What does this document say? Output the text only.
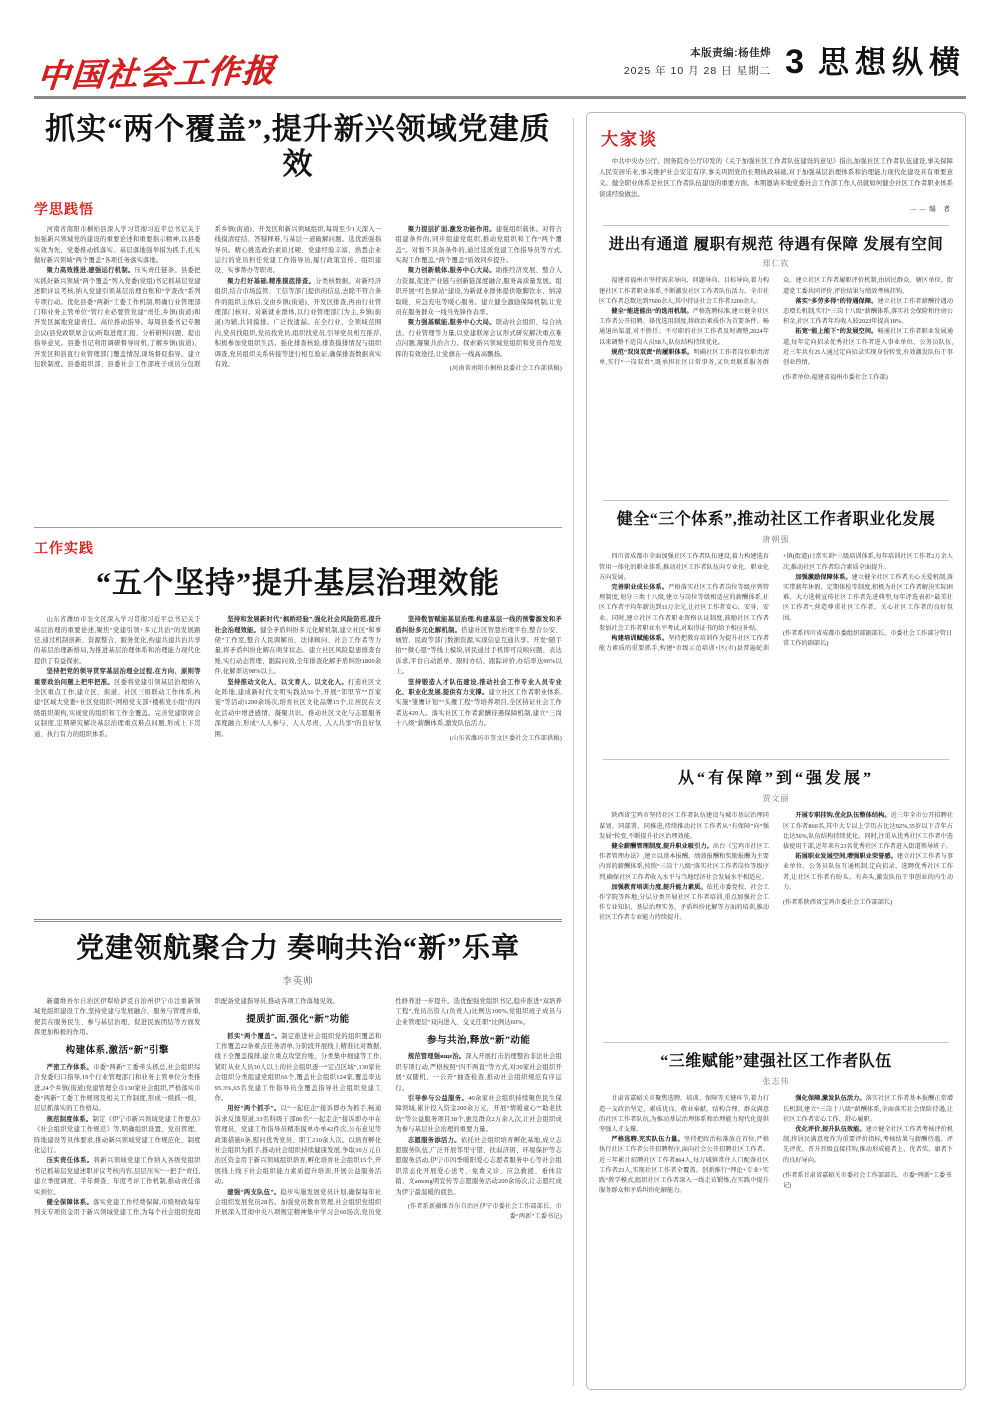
中国社会工作报	本版责编:杨佳烨
2025 年 10 月 28 日 星期二 3 思想纵横
抓实“两个覆盖”,提升新兴领域党建质效
学思践悟

河南省南阳市桐柏县深入学习贯彻习近平总书记关于加强新兴领域党的建设的重要论述和重要指示精神,以县委实效为先、党委推动抓落实、基层落地强举措为抓手,扎实做好新兴领域“两个覆盖”各项任务落实落地。

聚力高效推进,建强运行机制。压实责任链条。县委把实抓好新兴领域“两个覆盖”列入党委(党组)书记抓基层党建述职评议考核,纳入党建引领基层治理台账和“学查改”系列专项行动。优化县委“两新”工委工作机制,明确行业管理部门和业务主管单位“管行业必要管党建”责任,乡镇(街道)和开发区属地党建责任。高位推动指导。每周县委书记专题会议(县党政联席会议)听取进度汇报、分析研判问题、提出指导意见。县委书记利用调研督导时机,了解乡镇(街道)、开发区和县直行业管理部门覆盖情况,现场督促指导。建立包联制度。县委组织部、县委社会工作部班子成员分包联系乡镇(街道)、开发区和新兴领域组织,每周至少1天深入一线摸清症结、答疑释难,与基层一道破解问题。选优派强指导员。精心挑选政治素质过硬、党建经验丰富、熟悉企业运行的党员担任党建工作指导员,履行政策宣传、组织建设、实事帮办等职责。

聚力打好基础,精准摸底排查。分类核数据。对新经济组织,结合市场监管、工信等部门提供的信息,去除不符合条件的组织主体后,交由乡镇(街道)、开发区排查,再由行业管理部门核对。对新就业群体,以行业管理部门为主,乡镇(街道)为辅,共同摸排。广泛找遗漏。在全行业、全领域范围内,党员找组织,党员找党员,组织找党员,引导党员相互推荐,积极参加党组织生活。强化排查核验,排查摸排情况与组织调查,党员组织关系转接等进行相互验证,确保排查数据真实有效。

聚力提层扩面,激发功能作用。建强组织载体。对符合组建条件的,同步组建党组织,推动党组织和工作“两个覆盖”。对暂不具备条件的,通过选派党建工作指导员等方式,实现工作覆盖,“两个覆盖”质效同步提升。

聚力创新载体,服务中心大局。助推经济发展、整合人力资源,促进产业链与创新链深度融合,服务高质量发展。组织开展“红色驿站”建设,为新就业群体提供歇脚饮水、纳凉取暖、应急充电等暖心服务。建立健全激励保障机制,让党员在服务群众一线当先锋作表率。

聚力强基赋能,服务中心大局。联动社会组织、综合执法、行业管理等力量,以党建联席会议形式研究解决重点难点问题,凝聚共治合力。探索新兴领域党组织和党员作用发挥的有效途径,让党旗在一线高高飘扬。

(河南省南阳市桐柏县委社会工作部供稿)

工作实践
“五个坚持”提升基层治理效能

山东省潍坊市奎文区深入学习贯彻习近平总书记关于基层治理的重要论述,聚焦“党建引领+多元共治”的发展路径,通过机制创新、资源整合、服务优化,构建共建共治共享的基层治理新格局,为推进基层治理体系和治理能力现代化提供了有益探索。

坚持把党的领导贯穿基层治理全过程,在方向、原则等重要政治问题上把牢把准。区委将党建引领基层治理纳入全区重点工作,建立区、街道、社区三级联动工作体系,构建“区域大党委+社区党组织+网格党支部+楼栋党小组”的四级组织架构,实现党的组织和工作全覆盖。完善党建联席会议制度,定期研究解决基层治理重点难点问题,形成上下贯通、执行有力的组织体系。

坚持和发展新时代“枫桥经验”,强化社会风险防范,提升社会治理效能。健全矛盾纠纷多元化解机制,建立社区“和事佬”工作室,整合人民调解员、法律顾问、社会工作者等力量,将矛盾纠纷化解在萌芽状态。建立社区风险隐患排查台账,实行动态管理、跟踪问效,全年排查化解矛盾纠纷1800余件,化解率达98%以上。

坚持推动文化人、以文育人、以文化人。打造社区文化阵地,建成新时代文明实践站56个,开展“邻里节”“百家宴”等活动1200余场次,培育社区文化品牌15个,让居民在文化活动中增进感情、凝聚共识。推动社区文化与志愿服务深度融合,形成“人人参与、人人尽责、人人共享”的良好氛围。

坚持数智赋能基层治理,构建基层一线的预警源发和矛盾纠纷多元化解机制。搭建社区智慧治理平台,整合公安、城管、民政等部门数据资源,实现信息互通共享。开发“随手拍”“微心愿”等线上模块,居民通过手机即可反映问题、表达诉求,平台自动派单、限时办结、跟踪评价,办结率达96%以上。

坚持锻造人才队伍建设,推动社会工作专业人员专业化、职业化发展,提供有力支撑。建立社区工作者职业体系,实施“雏鹰计划”“头雁工程”等培养项目,全区持证社会工作者达420人。落实社区工作者薪酬待遇保障机制,建立“三岗十八级”薪酬体系,激发队伍活力。

(山东省潍坊市奎文区委社会工作部供稿)

党建领航聚合力 奏响共治“新”乐章
李英帅

新疆维吾尔自治区伊犁哈萨克自治州伊宁市注重新领域党组织建设工作,坚持党建与发展融合、服务与管理并重,使其在服务民生、参与基层治理、促进民族团结等方面发挥更加积极的作用。

构建体系,激活“新”引擎

严密工作体系。市委“两新”工委牵头抓总,社会组织综合党委归口指导,19个行业管理部门和业务主管单位分类推进,24个乡镇(街道)党建管理全市130家社会组织,严格落实市委“两新”工委工作规则及相关工作制度,形成一级抓一级、层层抓落实的工作格局。

规范制度体系。制定《伊宁市新兴领域党建工作要点》《社会组织党建工作规范》等,明确组织设置、党员管理、阵地建设等具体要求,推动新兴领域党建工作规范化、制度化运行。

压实责任体系。将新兴领域党建工作纳入各级党组织书记抓基层党建述职评议考核内容,层层压实“一把手”责任,建立季度调度、半年督查、年度考评工作机制,推动责任落实到位。

健全保障体系。落实党建工作经费保障,市级财政每年列支专项资金用于新兴领域党建工作,为每个社会组织党组织配备党建指导员,推动各项工作落地见效。

提质扩面,强化“新”功能

抓实“两个覆盖”。制定推进社会组织党的组织覆盖和工作覆盖22条重点任务清单,分阶段开展线上精准比对数据,线下全覆盖摸排,建立重点攻坚台账、分类集中细建等工作,紧盯从业人员30人以上的社会组织逐一“定点区域”,130家社会组织分类组建党组织66个,覆盖社会组织124家,覆盖率达95.3%,65名党建工作指导员全覆盖指导社会组织党建工作。

用好“两个抓手”。以“一起庇企”接诉即办为抓手,畅通诉求反馈渠道,33名科级干部86名“一起走企”接诉即办中在管理员、党建工作指导员精准摸单办单42件次,公布意见等政策措施6条,慰问优秀党员、职工210余人次。以培育孵化社会组织为抓手,推动社会组织持续健康发展,争取30万元自治区资金用于新兴领域组织培育,孵化培育社会组织15个,开展线上线下社会组织能力素质提升培训,开展公益服务活动。

建强“两支队伍”。稳步实施发展党员计划,确保每年社会组织发展党员28名。加强党员教育管理,社会组织党组织开展深入贯彻中央八项规定精神集中学习会60场次,党员党性修养进一步提升。选优配强党组织书记,稳步推进“双培养工程”,党员出资人(负责人)比例达100%,党组织班子成员与企业管理层“双向进入、交叉任职”比例达60%。

参与共治,释放“新”动能

规范管理强ище治。深入开展打击治理整治非法社会组织专项行动,严格按照“四不两直”等方式,对30家社会组织开展“双随机、一公开”抽查检查,推动社会组织规范有序运行。

引导参与公益服务。40余家社会组织持续聚焦民生保障领域,累计投入资金200余万元，开展“情暖童心”“助老扶幼”等公益服务项目38个,惠及群众2万余人次,让社会组织成为参与基层社会治理的重要力量。

志愿服务添活力。依托社会组织培育孵化基地,成立志愿服务队伍,广泛开展邻里守望、扶弱济困、环境保护等志愿服务活动,伊宁市四季暖阳爱心志愿者服务中心等社会组织常态化开展爱心送考、免费义诊、应急救援、垂体营销、文among明宣传等志愿服务活动200余场次,让志愿红成为伊宁最温暖的底色。

(作者系新疆维吾尔自治区伊宁市委社会工作部部长、市委“两新”工委书记)

大家谈

中共中央办公厅、国务院办公厅印发的《关于加强社区工作者队伍建设的意见》指出,加强社区工作者队伍建设,事关保障人民安居乐业,事关维护社会安定有序,事关巩固党的长期执政基础,对于加强基层治理体系和治理能力现代化建设具有重要意义。健全职业体系是社区工作者队伍建设的重要方面。本期邀请多地党委社会工作部工作人员就如何健全社区工作者职业体系谈谈经验做法。

——编 者
进出有通道 履职有规范 待遇有保障 发展有空间
郑仁钦

福建省福州市坚持需求导向、问题导向、目标导向,着力构建社区工作者职业体系,不断激发社区工作者队伍活力。全市社区工作者总数达到7600余人,其中持证社会工作者3200余人。

健全“能进能出”的选用机制。严格选聘标准,建立健全社区工作者公开招聘、择优选用制度,将政治素质作为首要条件。畅通退出渠道,对不胜任、不尽职的社区工作者及时调整,2024年以来调整不适岗人员58人,队伍结构持续优化。

规范“双岗双责”的履职体系。明确社区工作者岗位职责清单,实行“一岗双责”,既承担社区日常事务,又负责联系服务群众。建立社区工作者履职评价机制,由居民群众、辖区单位、街道党工委共同评价,评价结果与绩效考核挂钩。

落实“多劳多得”的待遇保障。建立社区工作者薪酬待遇动态增长机制,实行“三岗十八级”薪酬体系,落实社会保险和住房公积金,社区工作者年均收入较2023年提高18%。

拓宽“能上能下”的发展空间。畅通社区工作者职业发展通道,每年定向招录优秀社区工作者进入事业单位、公务员队伍,近三年共有25人通过定向招录实现身份转变,有效激发队伍干事创业热情。

(作者单位:福建省福州市委社会工作部)

健全“三个体系”,推动社区工作者职业化发展
唐朝强

四川省成都市全面加强社区工作者队伍建设,着力构建选育管用一体化的职业体系,推动社区工作者队伍向专业化、职业化方向发展。

完善职业成长体系。严格落实社区工作者岗位等级序列管理制度,划分三类十八级,建立与岗位等级相适应的薪酬体系,社区工作者平均年薪达到11万余元,让社区工作者安心、安身、安业。同时,建立社区工作者职业资格认证制度,鼓励社区工作者参加社会工作者职业水平考试,对取得证书的给予相应补贴。

构建培训赋能体系。坚持把教育培训作为提升社区工作者能力素质的重要抓手,构建“市级示范培训+区(市)县普遍轮训+镇(街道)日常实训”三级培训体系,每年培训社区工作者2万余人次,推动社区工作者综合素质全面提升。

加强激励保障体系。建立健全社区工作者关心关爱机制,落实带薪年休假、定期体检等制度,积极为社区工作者解决实际困难。大力选树宣传社区工作者先进典型,每年评选表彰“最美社区工作者”,营造尊重社区工作者、关心社区工作者的良好氛围。

(作者系四川省成都市委组织部副部长、市委社会工作部分管日常工作的副部长)

从“有保障”到“强发展”
贾文丽

陕西省宝鸡市坚持社区工作者队伍建设与城市基层治理同谋划、同部署、同推进,持续推动社区工作者从“有保障”向“强发展”转变,不断提升社区治理效能。

健全薪酬管理制度,提升职业吸引力。出台《宝鸡市社区工作者管理办法》,建立以基本报酬、绩效报酬和奖励报酬为主要内容的薪酬体系,按照“三岗十八级”落实社区工作者岗位等级序列,确保社区工作者收入水平与当地经济社会发展水平相适应。

加强教育培训力度,提升能力素质。依托市委党校、社会工作学院等阵地,分层分类开展社区工作者培训,重点加强社会工作专业知识、基层治理实务、矛盾纠纷化解等方面的培训,推动社区工作者专业能力持续提升。

开展专职挂钩,优化队伍整体结构。近三年全市公开招聘社区工作者860名,其中大专以上学历占比达92%,35岁以下青年占比达56%,队伍结构持续优化。同时,注重从优秀社区工作者中选拔使用干部,近年来有23名优秀社区工作者进入街道领导班子。

拓展职业发展空间,增强职业荣誉感。建立社区工作者与事业单位、公务员队伍互通机制,定向招录、选聘优秀社区工作者,让社区工作者有盼头、有奔头,激发队伍干事创业的内生动力。

(作者系陕西省宝鸡市委社会工作部部长)

“三维赋能”建强社区工作者队伍
张志伟

甘肃省嘉峪关市聚焦选聘、培训、保障等关键环节,着力打造一支政治坚定、素质优良、敬业奉献、结构合理、群众满意的社区工作者队伍,为推动基层治理体系和治理能力现代化提供坚强人才支撑。

严格选聘,充实队伍力量。坚持把政治标准放在首位,严格执行社区工作者公开招聘程序,面向社会公开招聘社区工作者。近三年累计招聘社区工作者864人,每万城镇常住人口配备社区工作者23人,实现社区工作者全覆盖。创新推行“理论+专业+实践”教学模式,组织社区工作者深入一线走访锻炼,在实践中提升服务群众和矛盾纠纷化解能力。

强化保障,激发队伍活力。落实社区工作者基本报酬正常增长机制,建立“三岗十八级”薪酬体系,全面落实社会保险待遇,让社区工作者安心工作、舒心履职。

优化评价,提升队伍效能。建立健全社区工作者考核评价机制,将居民满意度作为重要评价指标,考核结果与薪酬待遇、评先评优、晋升晋级直接挂钩,推动形成能者上、优者奖、庸者下的良好导向。

(作者系甘肃省嘉峪关市委社会工作部部长、市委“两新”工委书记)
